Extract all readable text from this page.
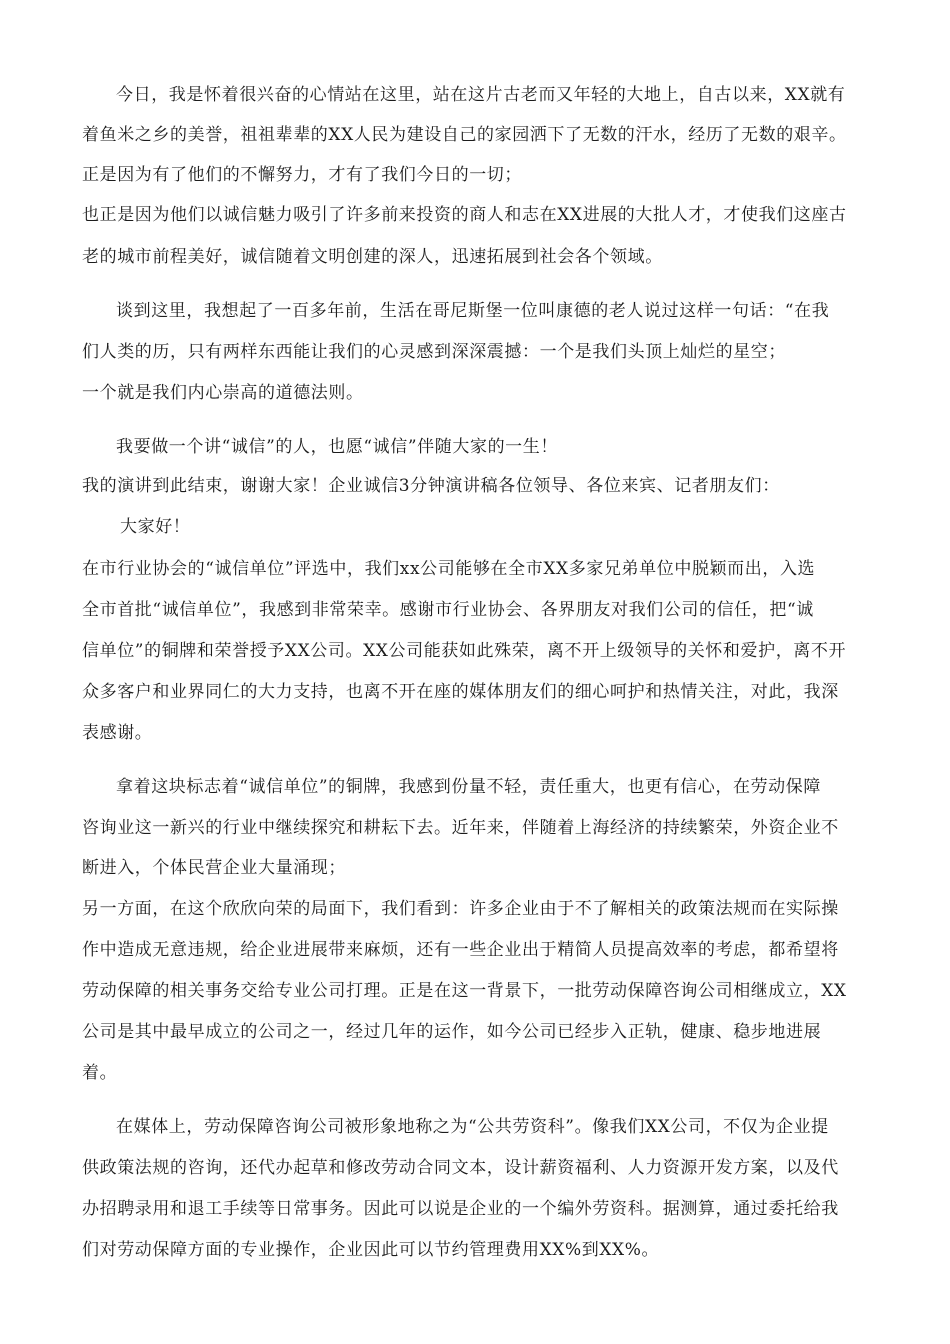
今日，我是怀着很兴奋的心情站在这里，站在这片古老而又年轻的大地上，自古以来，XX就有
着鱼米之乡的美誉，祖祖辈辈的XX人民为建设自己的家园洒下了无数的汗水，经历了无数的艰辛。
正是因为有了他们的不懈努力，才有了我们今日的一切；
也正是因为他们以诚信魅力吸引了许多前来投资的商人和志在XX进展的大批人才，才使我们这座古
老的城市前程美好，诚信随着文明创建的深人，迅速拓展到社会各个领域。
谈到这里，我想起了一百多年前，生活在哥尼斯堡一位叫康德的老人说过这样一句话：“在我
们人类的历，只有两样东西能让我们的心灵感到深深震撼：一个是我们头顶上灿烂的星空；
一个就是我们内心崇高的道德法则。
我要做一个讲“诚信”的人，也愿“诚信”伴随大家的一生！
我的演讲到此结束，谢谢大家！企业诚信3分钟演讲稿各位领导、各位来宾、记者朋友们：
大家好！
在市行业协会的“诚信单位”评选中，我们xx公司能够在全市XX多家兄弟单位中脱颖而出，入选
全市首批“诚信单位”，我感到非常荣幸。感谢市行业协会、各界朋友对我们公司的信任，把“诚
信单位”的铜牌和荣誉授予XX公司。XX公司能获如此殊荣，离不开上级领导的关怀和爱护，离不开
众多客户和业界同仁的大力支持，也离不开在座的媒体朋友们的细心呵护和热情关注，对此，我深
表感谢。
拿着这块标志着“诚信单位”的铜牌，我感到份量不轻，责任重大，也更有信心，在劳动保障
咨询业这一新兴的行业中继续探究和耕耘下去。近年来，伴随着上海经济的持续繁荣，外资企业不
断进入，个体民营企业大量涌现；
另一方面，在这个欣欣向荣的局面下，我们看到：许多企业由于不了解相关的政策法规而在实际操
作中造成无意违规，给企业进展带来麻烦，还有一些企业出于精简人员提高效率的考虑，都希望将
劳动保障的相关事务交给专业公司打理。正是在这一背景下，一批劳动保障咨询公司相继成立，XX
公司是其中最早成立的公司之一，经过几年的运作，如今公司已经步入正轨，健康、稳步地进展
着。
在媒体上，劳动保障咨询公司被形象地称之为“公共劳资科”。像我们XX公司，不仅为企业提
供政策法规的咨询，还代办起草和修改劳动合同文本，设计薪资福利、人力资源开发方案，以及代
办招聘录用和退工手续等日常事务。因此可以说是企业的一个编外劳资科。据测算，通过委托给我
们对劳动保障方面的专业操作，企业因此可以节约管理费用XX%到XX%。
